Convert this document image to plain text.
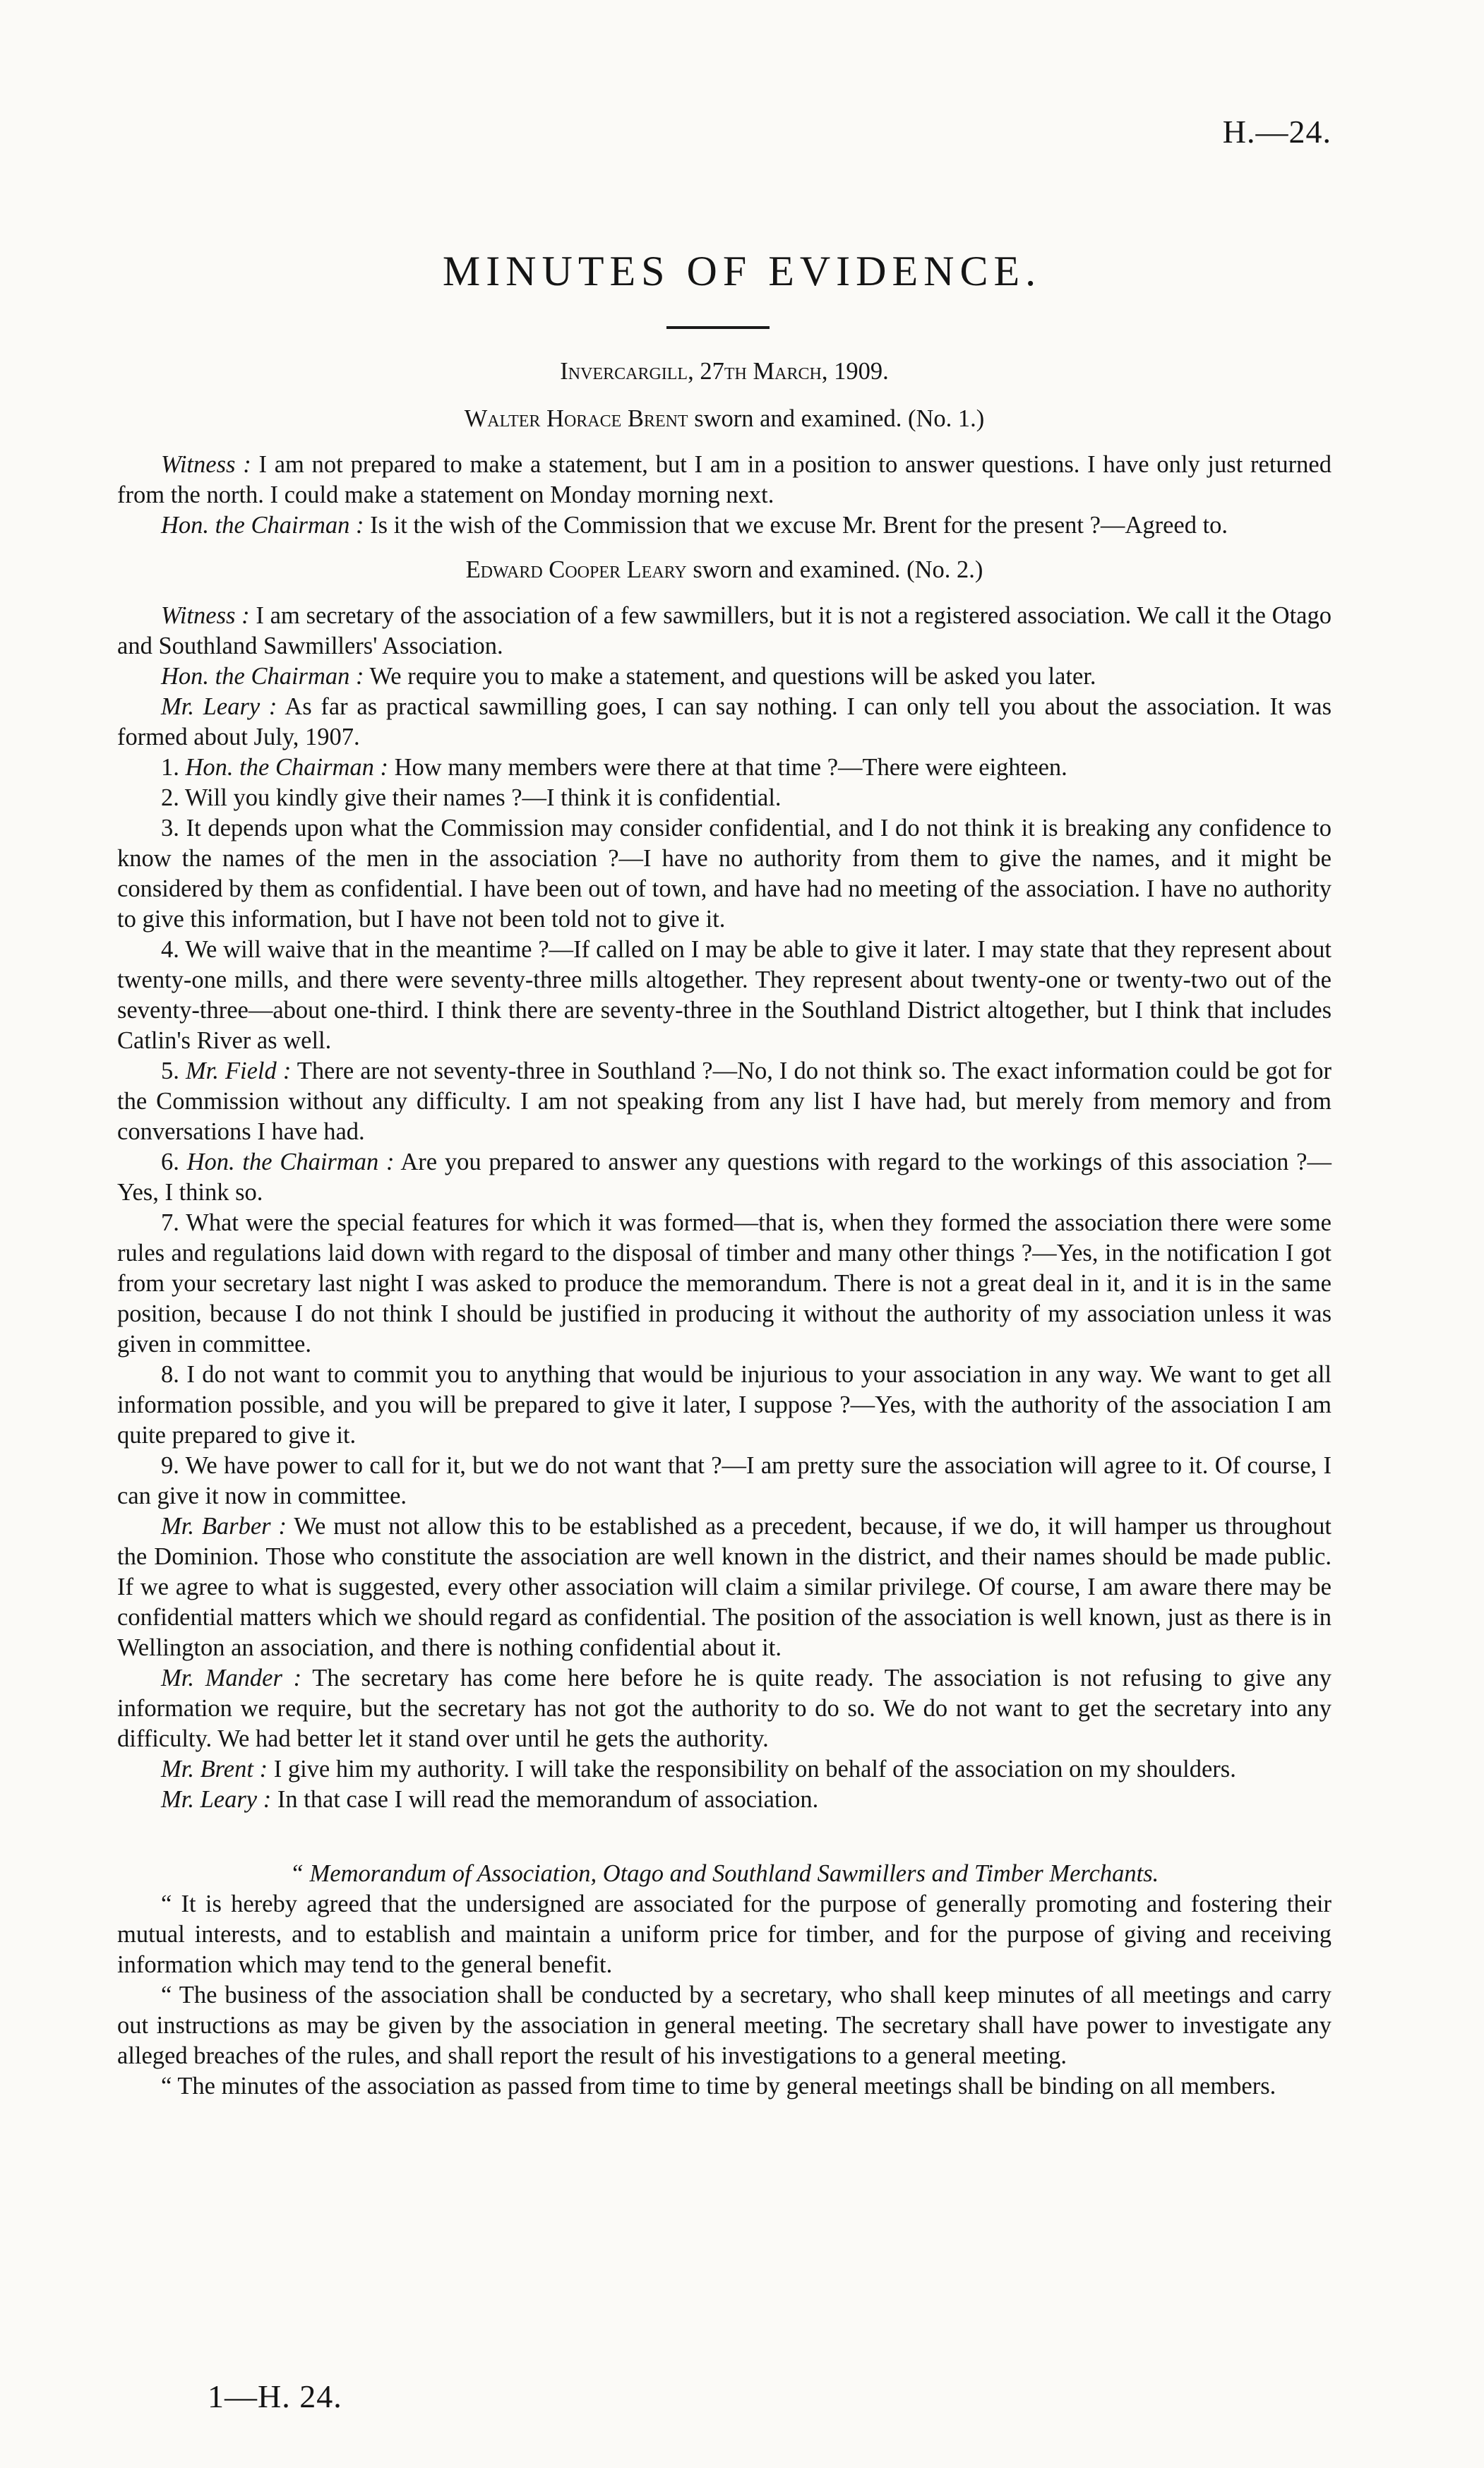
H.—24.
MINUTES OF EVIDENCE.
Invercargill, 27th March, 1909.
Walter Horace Brent sworn and examined. (No. 1.)

Witness : I am not prepared to make a statement, but I am in a position to answer questions. I have only just returned from the north. I could make a statement on Monday morning next.

Hon. the Chairman : Is it the wish of the Commission that we excuse Mr. Brent for the present ?—Agreed to.

Edward Cooper Leary sworn and examined. (No. 2.)

Witness : I am secretary of the association of a few sawmillers, but it is not a registered association. We call it the Otago and Southland Sawmillers' Association.

Hon. the Chairman : We require you to make a statement, and questions will be asked you later.

Mr. Leary : As far as practical sawmilling goes, I can say nothing. I can only tell you about the association. It was formed about July, 1907.

1. Hon. the Chairman : How many members were there at that time ?—There were eighteen.

2. Will you kindly give their names ?—I think it is confidential.

3. It depends upon what the Commission may consider confidential, and I do not think it is breaking any confidence to know the names of the men in the association ?—I have no authority from them to give the names, and it might be considered by them as confidential. I have been out of town, and have had no meeting of the association. I have no authority to give this information, but I have not been told not to give it.

4. We will waive that in the meantime ?—If called on I may be able to give it later. I may state that they represent about twenty-one mills, and there were seventy-three mills altogether. They represent about twenty-one or twenty-two out of the seventy-three—about one-third. I think there are seventy-three in the Southland District altogether, but I think that includes Catlin's River as well.

5. Mr. Field : There are not seventy-three in Southland ?—No, I do not think so. The exact information could be got for the Commission without any difficulty. I am not speaking from any list I have had, but merely from memory and from conversations I have had.

6. Hon. the Chairman : Are you prepared to answer any questions with regard to the workings of this association ?—Yes, I think so.

7. What were the special features for which it was formed—that is, when they formed the association there were some rules and regulations laid down with regard to the disposal of timber and many other things ?—Yes, in the notification I got from your secretary last night I was asked to produce the memorandum. There is not a great deal in it, and it is in the same position, because I do not think I should be justified in producing it without the authority of my association unless it was given in committee.

8. I do not want to commit you to anything that would be injurious to your association in any way. We want to get all information possible, and you will be prepared to give it later, I suppose ?—Yes, with the authority of the association I am quite prepared to give it.

9. We have power to call for it, but we do not want that ?—I am pretty sure the association will agree to it. Of course, I can give it now in committee.

Mr. Barber : We must not allow this to be established as a precedent, because, if we do, it will hamper us throughout the Dominion. Those who constitute the association are well known in the district, and their names should be made public. If we agree to what is suggested, every other association will claim a similar privilege. Of course, I am aware there may be confidential matters which we should regard as confidential. The position of the association is well known, just as there is in Wellington an association, and there is nothing confidential about it.

Mr. Mander : The secretary has come here before he is quite ready. The association is not refusing to give any information we require, but the secretary has not got the authority to do so. We do not want to get the secretary into any difficulty. We had better let it stand over until he gets the authority.

Mr. Brent : I give him my authority. I will take the responsibility on behalf of the association on my shoulders.

Mr. Leary : In that case I will read the memorandum of association.

“ Memorandum of Association, Otago and Southland Sawmillers and Timber Merchants.

“ It is hereby agreed that the undersigned are associated for the purpose of generally promoting and fostering their mutual interests, and to establish and maintain a uniform price for timber, and for the purpose of giving and receiving information which may tend to the general benefit.

“ The business of the association shall be conducted by a secretary, who shall keep minutes of all meetings and carry out instructions as may be given by the association in general meeting. The secretary shall have power to investigate any alleged breaches of the rules, and shall report the result of his investigations to a general meeting.

“ The minutes of the association as passed from time to time by general meetings shall be binding on all members.

1—H. 24.
